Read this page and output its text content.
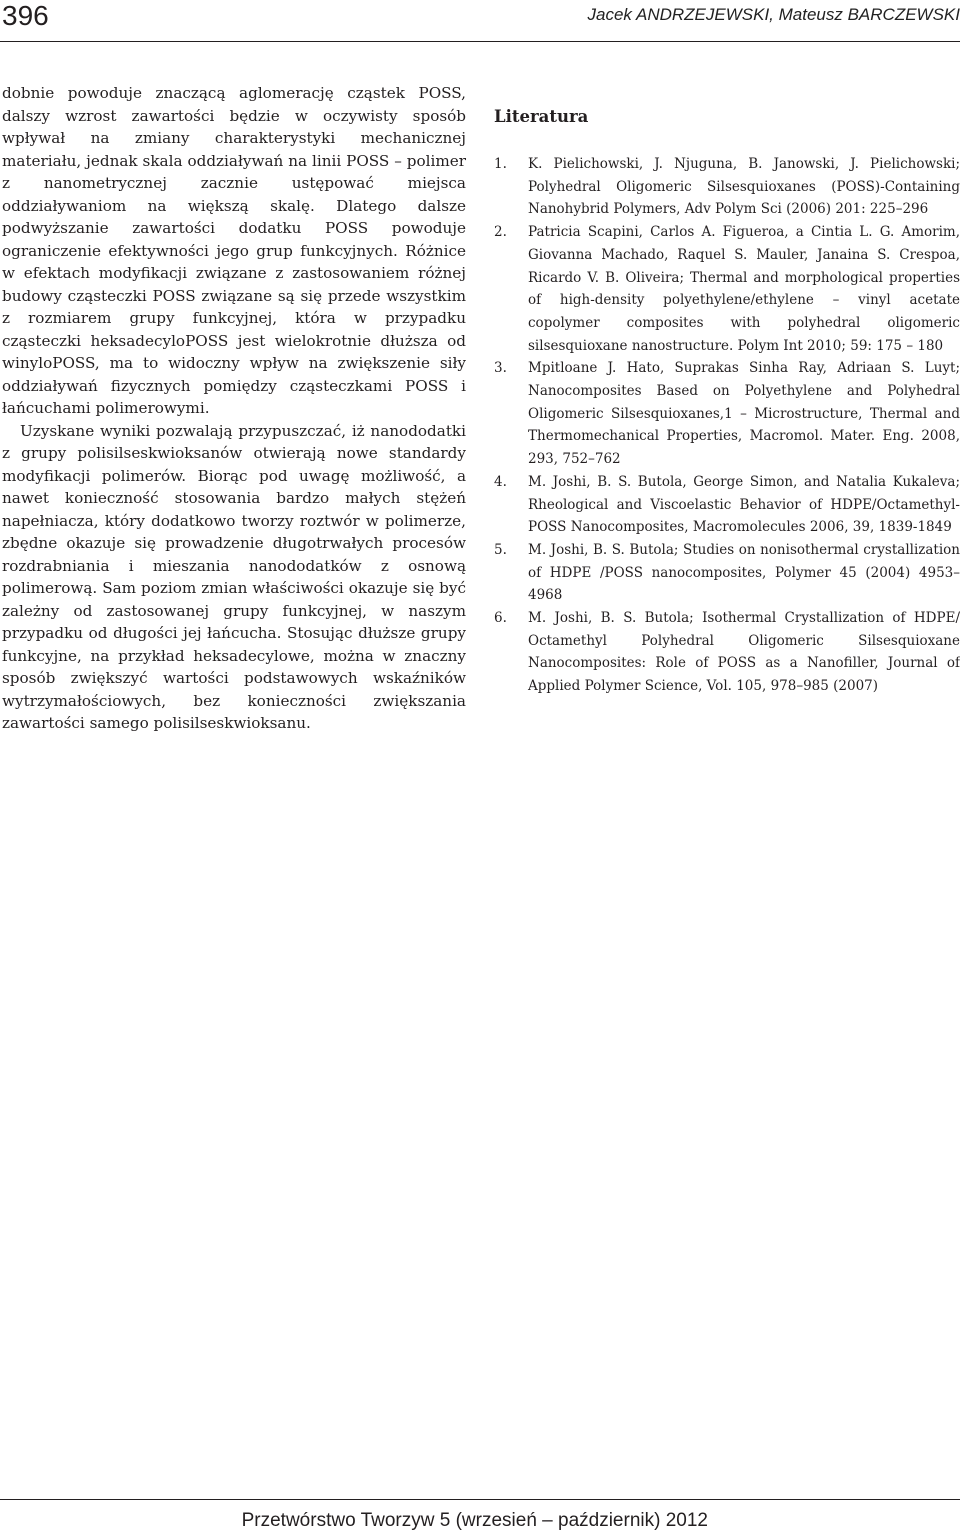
396	Jacek ANDRZEJEWSKI, Mateusz BARCZEWSKI

dobnie powoduje znaczącą aglomerację cząstek POSS, dalszy wzrost zawartości będzie w oczywisty sposób wpływał na zmiany charakterystyki mechanicznej materiału, jednak skala oddziaływań na linii POSS – polimer z nanometrycznej zacznie ustępować miejsca oddziaływaniom na większą skalę. Dlatego dalsze podwyższanie zawartości dodatku POSS powoduje ograniczenie efektywności jego grup funkcyjnych. Różnice w efektach modyfikacji związane z zastosowaniem różnej budowy cząsteczki POSS związane są się przede wszystkim z rozmiarem grupy funkcyjnej, która w przypadku cząsteczki heksadecyloPOSS jest wielokrotnie dłuższa od winyloPOSS, ma to widoczny wpływ na zwiększenie siły oddziaływań fizycznych pomiędzy cząsteczkami POSS i łańcuchami polimerowymi.

Uzyskane wyniki pozwalają przypuszczać, iż nanododatki z grupy polisilseskwioksanów otwierają nowe standardy modyfikacji polimerów. Biorąc pod uwagę możliwość, a nawet konieczność stosowania bardzo małych stężeń napełniacza, który dodatkowo tworzy roztwór w polimerze, zbędne okazuje się prowadzenie długotrwałych procesów rozdrabniania i mieszania nanododatków z osnową polimerową. Sam poziom zmian właściwości okazuje się być zależny od zastosowanej grupy funkcyjnej, w naszym przypadku od długości jej łańcucha. Stosując dłuższe grupy funkcyjne, na przykład heksadecylowe, można w znaczny sposób zwiększyć wartości podstawowych wskaźników wytrzymałościowych, bez konieczności zwiększania zawartości samego polisilseskwioksanu.

Literatura
1.	K. Pielichowski, J. Njuguna, B. Janowski, J. Pielichowski; Polyhedral Oligomeric Silsesquioxanes (POSS)-Containing Nanohybrid Polymers, Adv Polym Sci (2006) 201: 225–296
2.	Patricia Scapini, Carlos A. Figueroa, a Cintia L. G. Amorim, Giovanna Machado, Raquel S. Mauler, Janaina S. Crespoa, Ricardo V. B. Oliveira; Thermal and morphological properties of high-density polyethylene/ethylene – vinyl acetate copolymer composites with polyhedral oligomeric silsesquioxane nanostructure. Polym Int 2010; 59: 175 – 180
3.	Mpitloane J. Hato, Suprakas Sinha Ray, Adriaan S. Luyt; Nanocomposites Based on Polyethylene and Polyhedral Oligomeric Silsesquioxanes,1 – Microstructure, Thermal and Thermomechanical Properties, Macromol. Mater. Eng. 2008, 293, 752–762
4.	M. Joshi, B. S. Butola, George Simon, and Natalia Kukaleva; Rheological and Viscoelastic Behavior of HDPE/Octamethyl-POSS Nanocomposites, Macromolecules 2006, 39, 1839-1849
5.	M. Joshi, B. S. Butola; Studies on nonisothermal crystallization of HDPE /POSS nanocomposites, Polymer 45 (2004) 4953–4968
6.	M. Joshi, B. S. Butola; Isothermal Crystallization of HDPE/ Octamethyl Polyhedral Oligomeric Silsesquioxane Nanocomposites: Role of POSS as a Nanofiller, Journal of Applied Polymer Science, Vol. 105, 978–985 (2007)
Przetwórstwo Tworzyw 5 (wrzesień – październik) 2012
